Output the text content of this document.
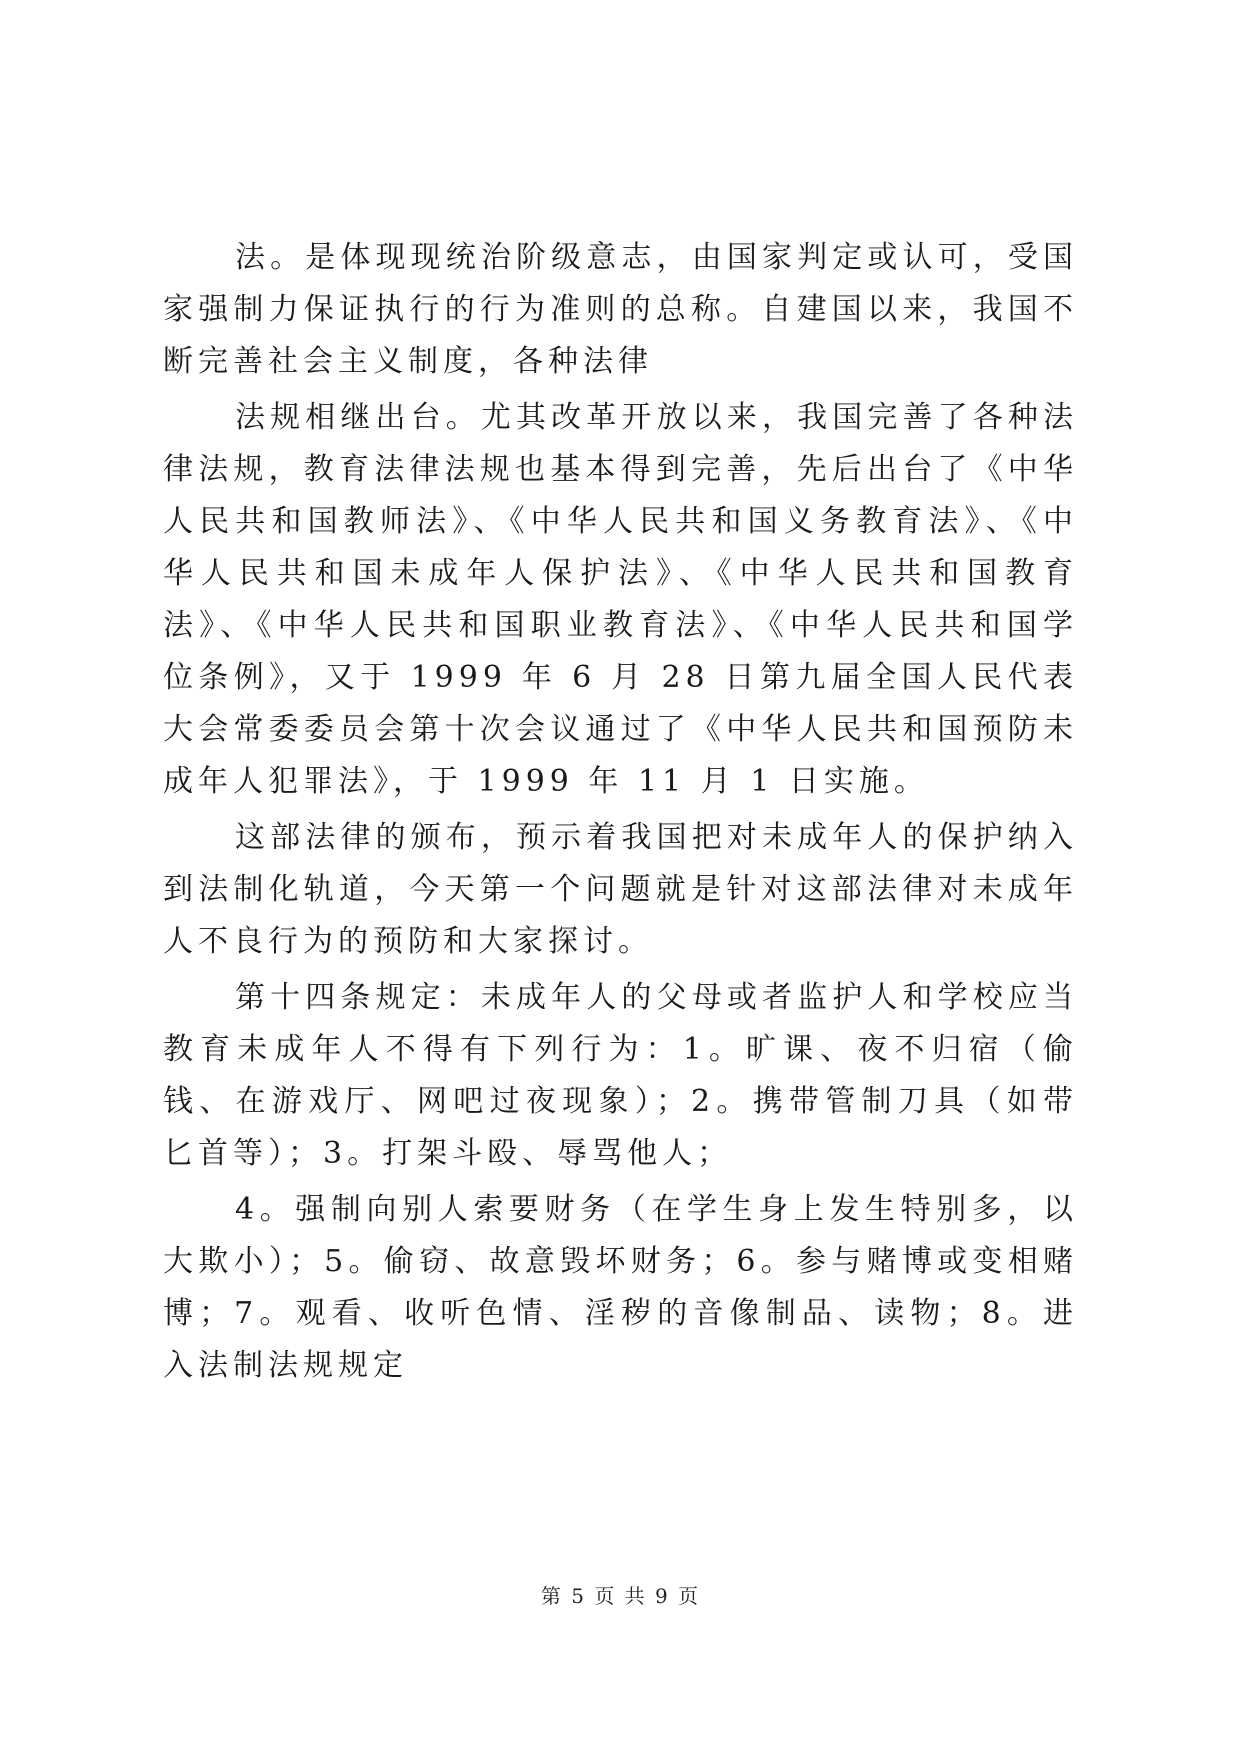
法。是体现现统治阶级意志，由国家判定或认可，受国家强制力保证执行的行为准则的总称。自建国以来，我国不断完善社会主义制度，各种法律

法规相继出台。尤其改革开放以来，我国完善了各种法律法规，教育法律法规也基本得到完善，先后出台了《中华人民共和国教师法》、《中华人民共和国义务教育法》、《中华人民共和国未成年人保护法》、《中华人民共和国教育法》、《中华人民共和国职业教育法》、《中华人民共和国学位条例》，又于 1999 年 6 月 28 日第九届全国人民代表大会常委委员会第十次会议通过了《中华人民共和国预防未成年人犯罪法》，于 1999 年 11 月 1 日实施。

这部法律的颁布，预示着我国把对未成年人的保护纳入到法制化轨道，今天第一个问题就是针对这部法律对未成年人不良行为的预防和大家探讨。

第十四条规定：未成年人的父母或者监护人和学校应当教育未成年人不得有下列行为：1。旷课、夜不归宿（偷钱、在游戏厅、网吧过夜现象）；2。携带管制刀具（如带匕首等）；3。打架斗殴、辱骂他人；

4。强制向别人索要财务（在学生身上发生特别多，以大欺小）；5。偷窃、故意毁坏财务；6。参与赌博或变相赌博；7。观看、收听色情、淫秽的音像制品、读物；8。进入法制法规规定

第 5 页 共 9 页
